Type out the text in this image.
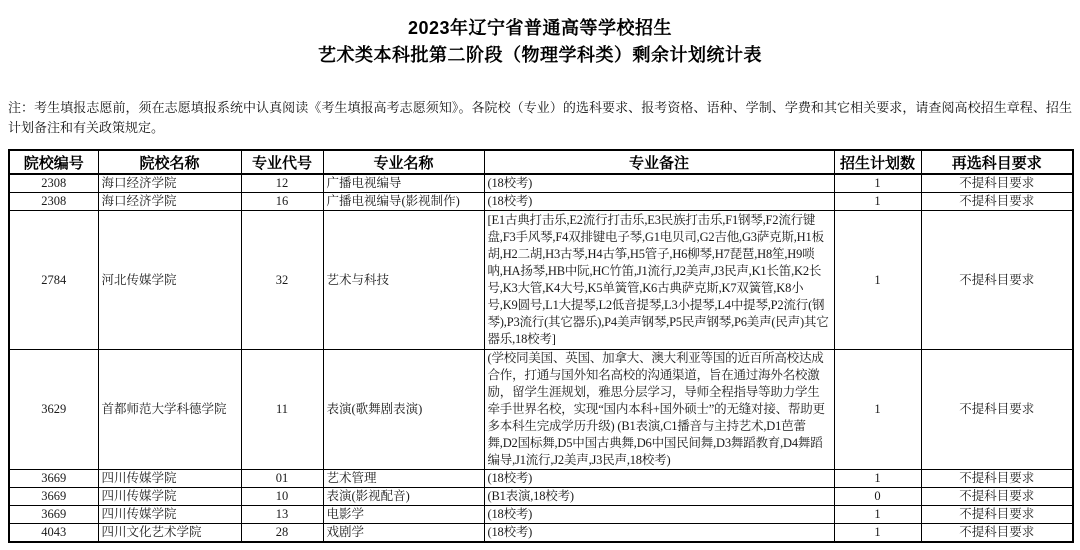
2023年辽宁省普通高等学校招生
艺术类本科批第二阶段（物理学科类）剩余计划统计表

注：考生填报志愿前，须在志愿填报系统中认真阅读《考生填报高考志愿须知》。各院校（专业）的选科要求、报考资格、语种、学制、学费和其它相关要求，请查阅高校招生章程、招生计划备注和有关政策规定。

院校编号	院校名称	专业代号	专业名称	专业备注	招生计划数	再选科目要求
2308	海口经济学院	12	广播电视编导	(18校考)	1	不提科目要求
2308	海口经济学院	16	广播电视编导(影视制作)	(18校考)	1	不提科目要求
2784	河北传媒学院	32	艺术与科技	[E1古典打击乐,E2流行打击乐,E3民族打击乐,F1钢琴,F2流行键盘,F3手风琴,F4双排键电子琴,G1电贝司,G2吉他,G3萨克斯,H1板胡,H2二胡,H3古琴,H4古筝,H5管子,H6柳琴,H7琵琶,H8笙,H9唢呐,HA扬琴,HB中阮,HC竹笛,J1流行,J2美声,J3民声,K1长笛,K2长号,K3大管,K4大号,K5单簧管,K6古典萨克斯,K7双簧管,K8小号,K9圆号,L1大提琴,L2低音提琴,L3小提琴,L4中提琴,P2流行(钢琴),P3流行(其它器乐),P4美声钢琴,P5民声钢琴,P6美声(民声)其它器乐,18校考]	1	不提科目要求
3629	首都师范大学科德学院	11	表演(歌舞剧表演)	(学校同美国、英国、加拿大、澳大利亚等国的近百所高校达成合作，打通与国外知名高校的沟通渠道，旨在通过海外名校激励，留学生涯规划，雅思分层学习，导师全程指导等助力学生牵手世界名校，实现“国内本科+国外硕士”的无缝对接、帮助更多本科生完成学历升级) (B1表演,C1播音与主持艺术,D1芭蕾舞,D2国标舞,D5中国古典舞,D6中国民间舞,D3舞蹈教育,D4舞蹈编导,J1流行,J2美声,J3民声,18校考)	1	不提科目要求
3669	四川传媒学院	01	艺术管理	(18校考)	1	不提科目要求
3669	四川传媒学院	10	表演(影视配音)	(B1表演,18校考)	0	不提科目要求
3669	四川传媒学院	13	电影学	(18校考)	1	不提科目要求
4043	四川文化艺术学院	28	戏剧学	(18校考)	1	不提科目要求
